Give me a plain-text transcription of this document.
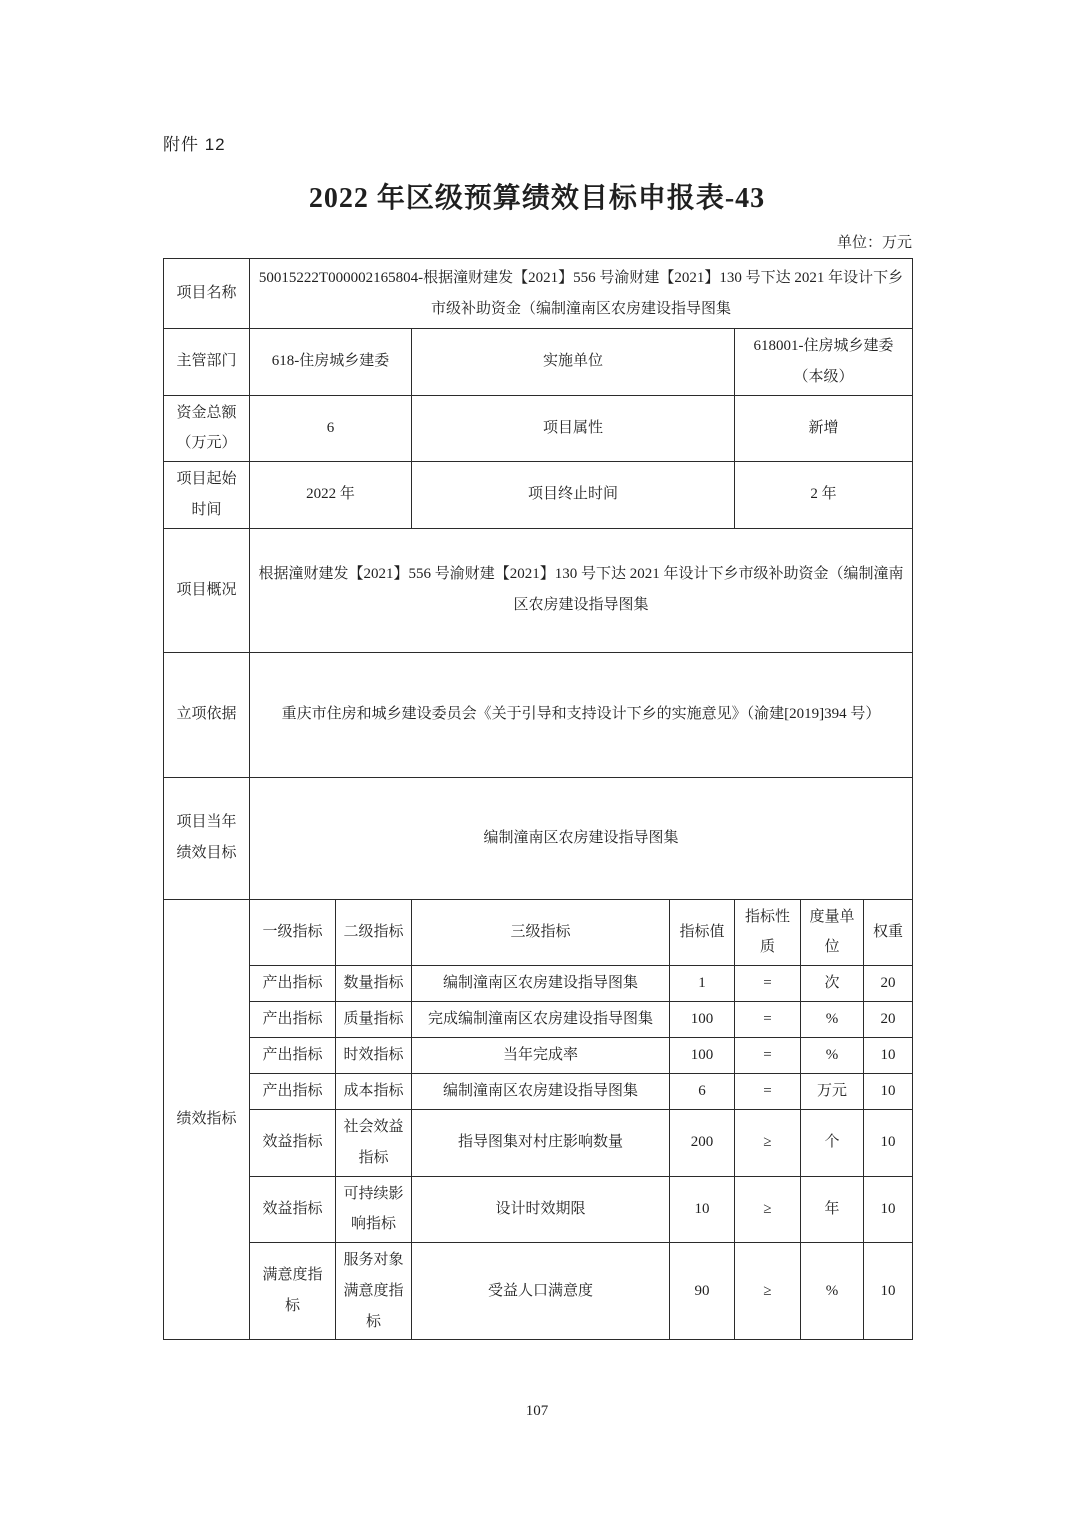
附件 12
2022 年区级预算绩效目标申报表-43
单位：万元
项目名称	50015222T000002165804-根据潼财建发【2021】556 号渝财建【2021】130 号下达 2021 年设计下乡市级补助资金（编制潼南区农房建设指导图集						
主管部门	618-住房城乡建委		实施单位		618001-住房城乡建委（本级）		
资金总额（万元）	6		项目属性		新增		
项目起始时间	2022 年		项目终止时间		2 年		
项目概况	根据潼财建发【2021】556 号渝财建【2021】130 号下达 2021 年设计下乡市级补助资金（编制潼南区农房建设指导图集						
立项依据	重庆市住房和城乡建设委员会《关于引导和支持设计下乡的实施意见》（渝建[2019]394 号）						
项目当年绩效目标	编制潼南区农房建设指导图集						
绩效指标	一级指标	二级指标	三级指标	指标值	指标性质	度量单位	权重
	产出指标	数量指标	编制潼南区农房建设指导图集	1	=	次	20
	产出指标	质量指标	完成编制潼南区农房建设指导图集	100	=	%	20
	产出指标	时效指标	当年完成率	100	=	%	10
	产出指标	成本指标	编制潼南区农房建设指导图集	6	=	万元	10
	效益指标	社会效益指标	指导图集对村庄影响数量	200	≥	个	10
	效益指标	可持续影响指标	设计时效期限	10	≥	年	10
	满意度指标	服务对象满意度指标	受益人口满意度	90	≥	%	10
107
